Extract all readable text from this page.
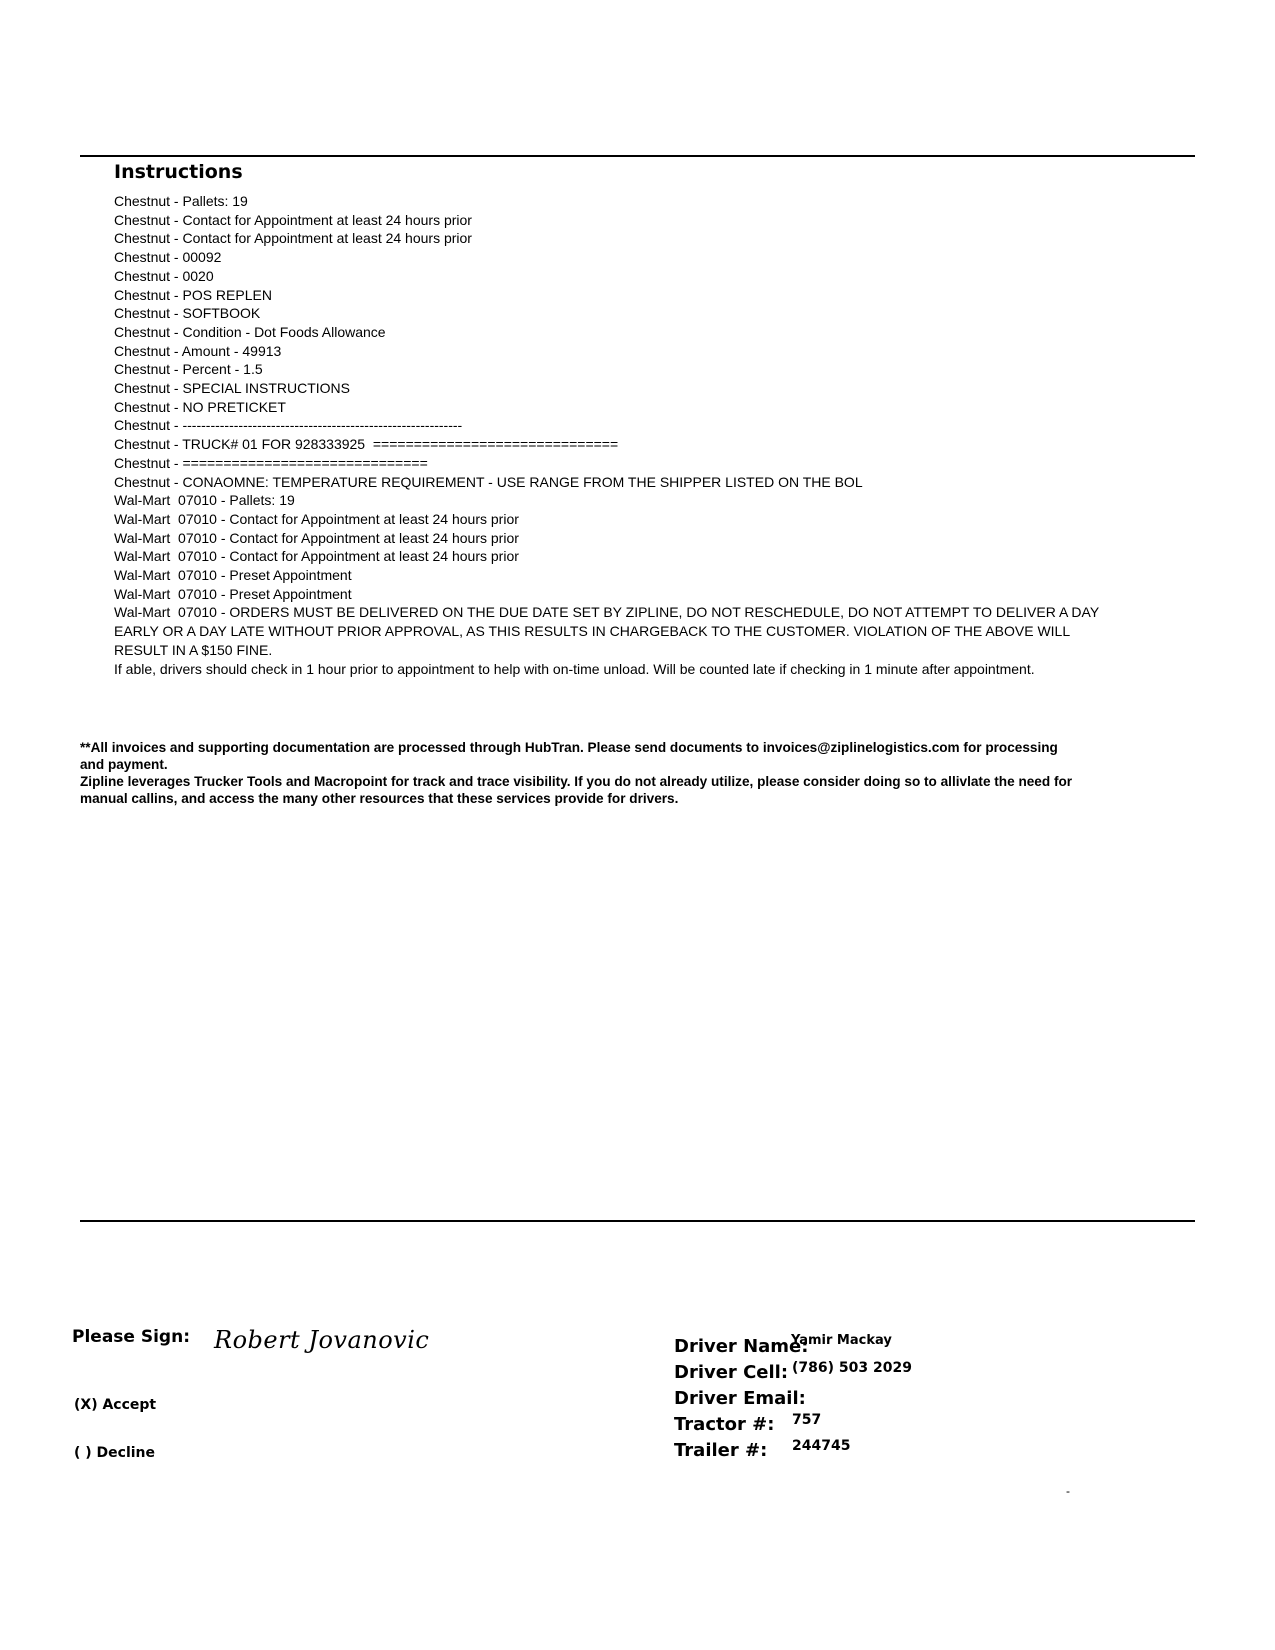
Instructions
Chestnut - Pallets: 19
Chestnut - Contact for Appointment at least 24 hours prior
Chestnut - Contact for Appointment at least 24 hours prior
Chestnut - 00092
Chestnut - 0020
Chestnut - POS REPLEN
Chestnut - SOFTBOOK
Chestnut - Condition - Dot Foods Allowance
Chestnut - Amount - 49913
Chestnut - Percent - 1.5
Chestnut - SPECIAL INSTRUCTIONS
Chestnut - NO PRETICKET
Chestnut - ------------------------------------------------------------
Chestnut - TRUCK# 01 FOR 928333925  ==============================
Chestnut - ==============================
Chestnut - CONAOMNE: TEMPERATURE REQUIREMENT - USE RANGE FROM THE SHIPPER LISTED ON THE BOL
Wal-Mart  07010 - Pallets: 19
Wal-Mart  07010 - Contact for Appointment at least 24 hours prior
Wal-Mart  07010 - Contact for Appointment at least 24 hours prior
Wal-Mart  07010 - Contact for Appointment at least 24 hours prior
Wal-Mart  07010 - Preset Appointment
Wal-Mart  07010 - Preset Appointment
Wal-Mart  07010 - ORDERS MUST BE DELIVERED ON THE DUE DATE SET BY ZIPLINE, DO NOT RESCHEDULE, DO NOT ATTEMPT TO DELIVER A DAY EARLY OR A DAY LATE WITHOUT PRIOR APPROVAL, AS THIS RESULTS IN CHARGEBACK TO THE CUSTOMER. VIOLATION OF THE ABOVE WILL RESULT IN A $150 FINE.
If able, drivers should check in 1 hour prior to appointment to help with on-time unload. Will be counted late if checking in 1 minute after appointment.
**All invoices and supporting documentation are processed through HubTran. Please send documents to invoices@ziplinelogistics.com for processing and payment.
Zipline leverages Trucker Tools and Macropoint for track and trace visibility. If you do not already utilize, please consider doing so to allivlate the need for manual callins, and access the many other resources that these services provide for drivers.
Please Sign: Robert Jovanovic
(X) Accept
( ) Decline
Driver Name:
Yamir Mackay
Driver Cell: (786) 503 2029
Driver Email:
Tractor #: 757
Trailer #: 244745
-
